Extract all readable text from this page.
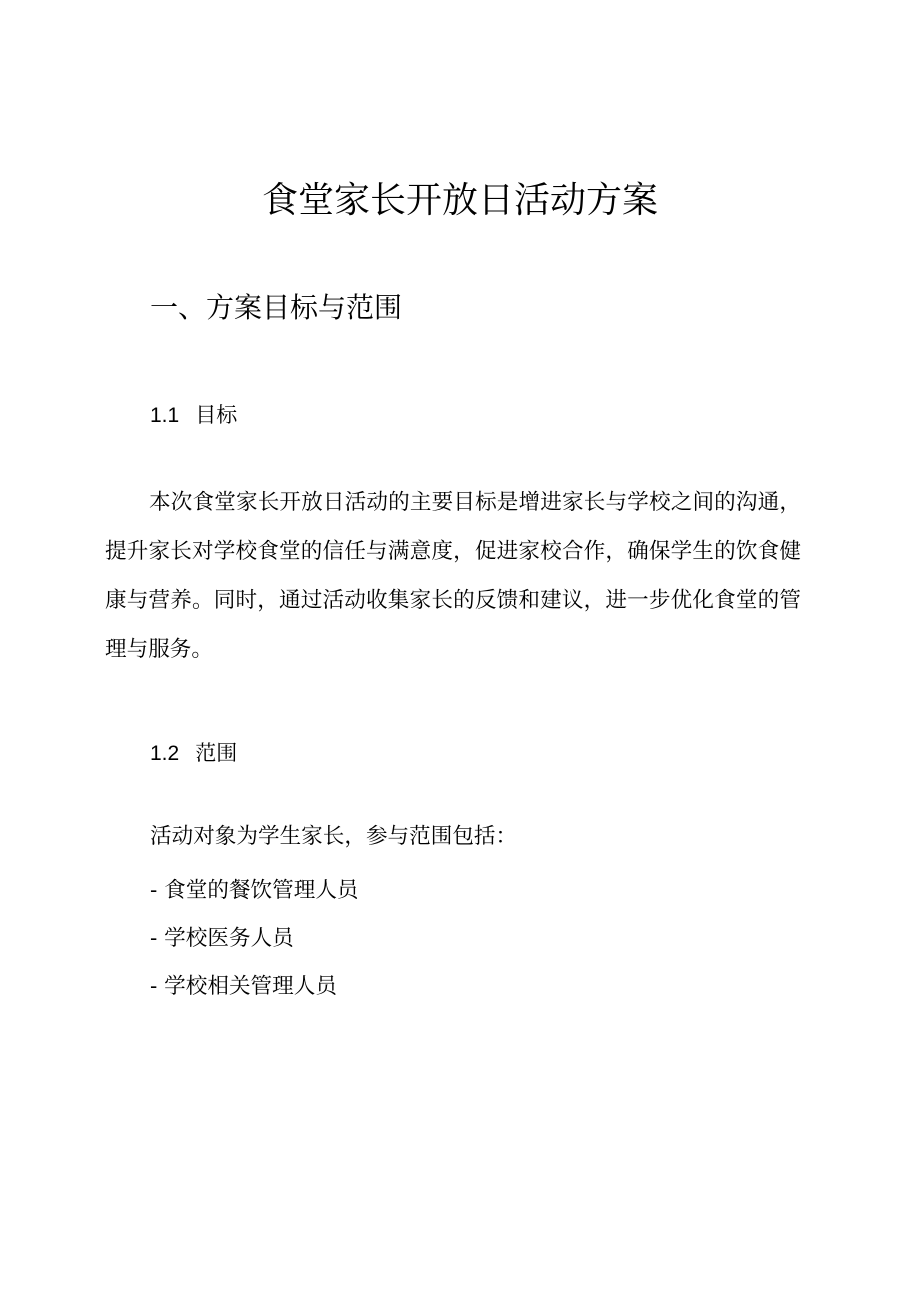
食堂家长开放日活动方案
一、方案目标与范围
1.1 目标

本次食堂家长开放日活动的主要目标是增进家长与学校之间的沟通，提升家长对学校食堂的信任与满意度，促进家校合作，确保学生的饮食健康与营养。同时，通过活动收集家长的反馈和建议，进一步优化食堂的管理与服务。

1.2 范围

活动对象为学生家长，参与范围包括：

- 食堂的餐饮管理人员
- 学校医务人员
- 学校相关管理人员
